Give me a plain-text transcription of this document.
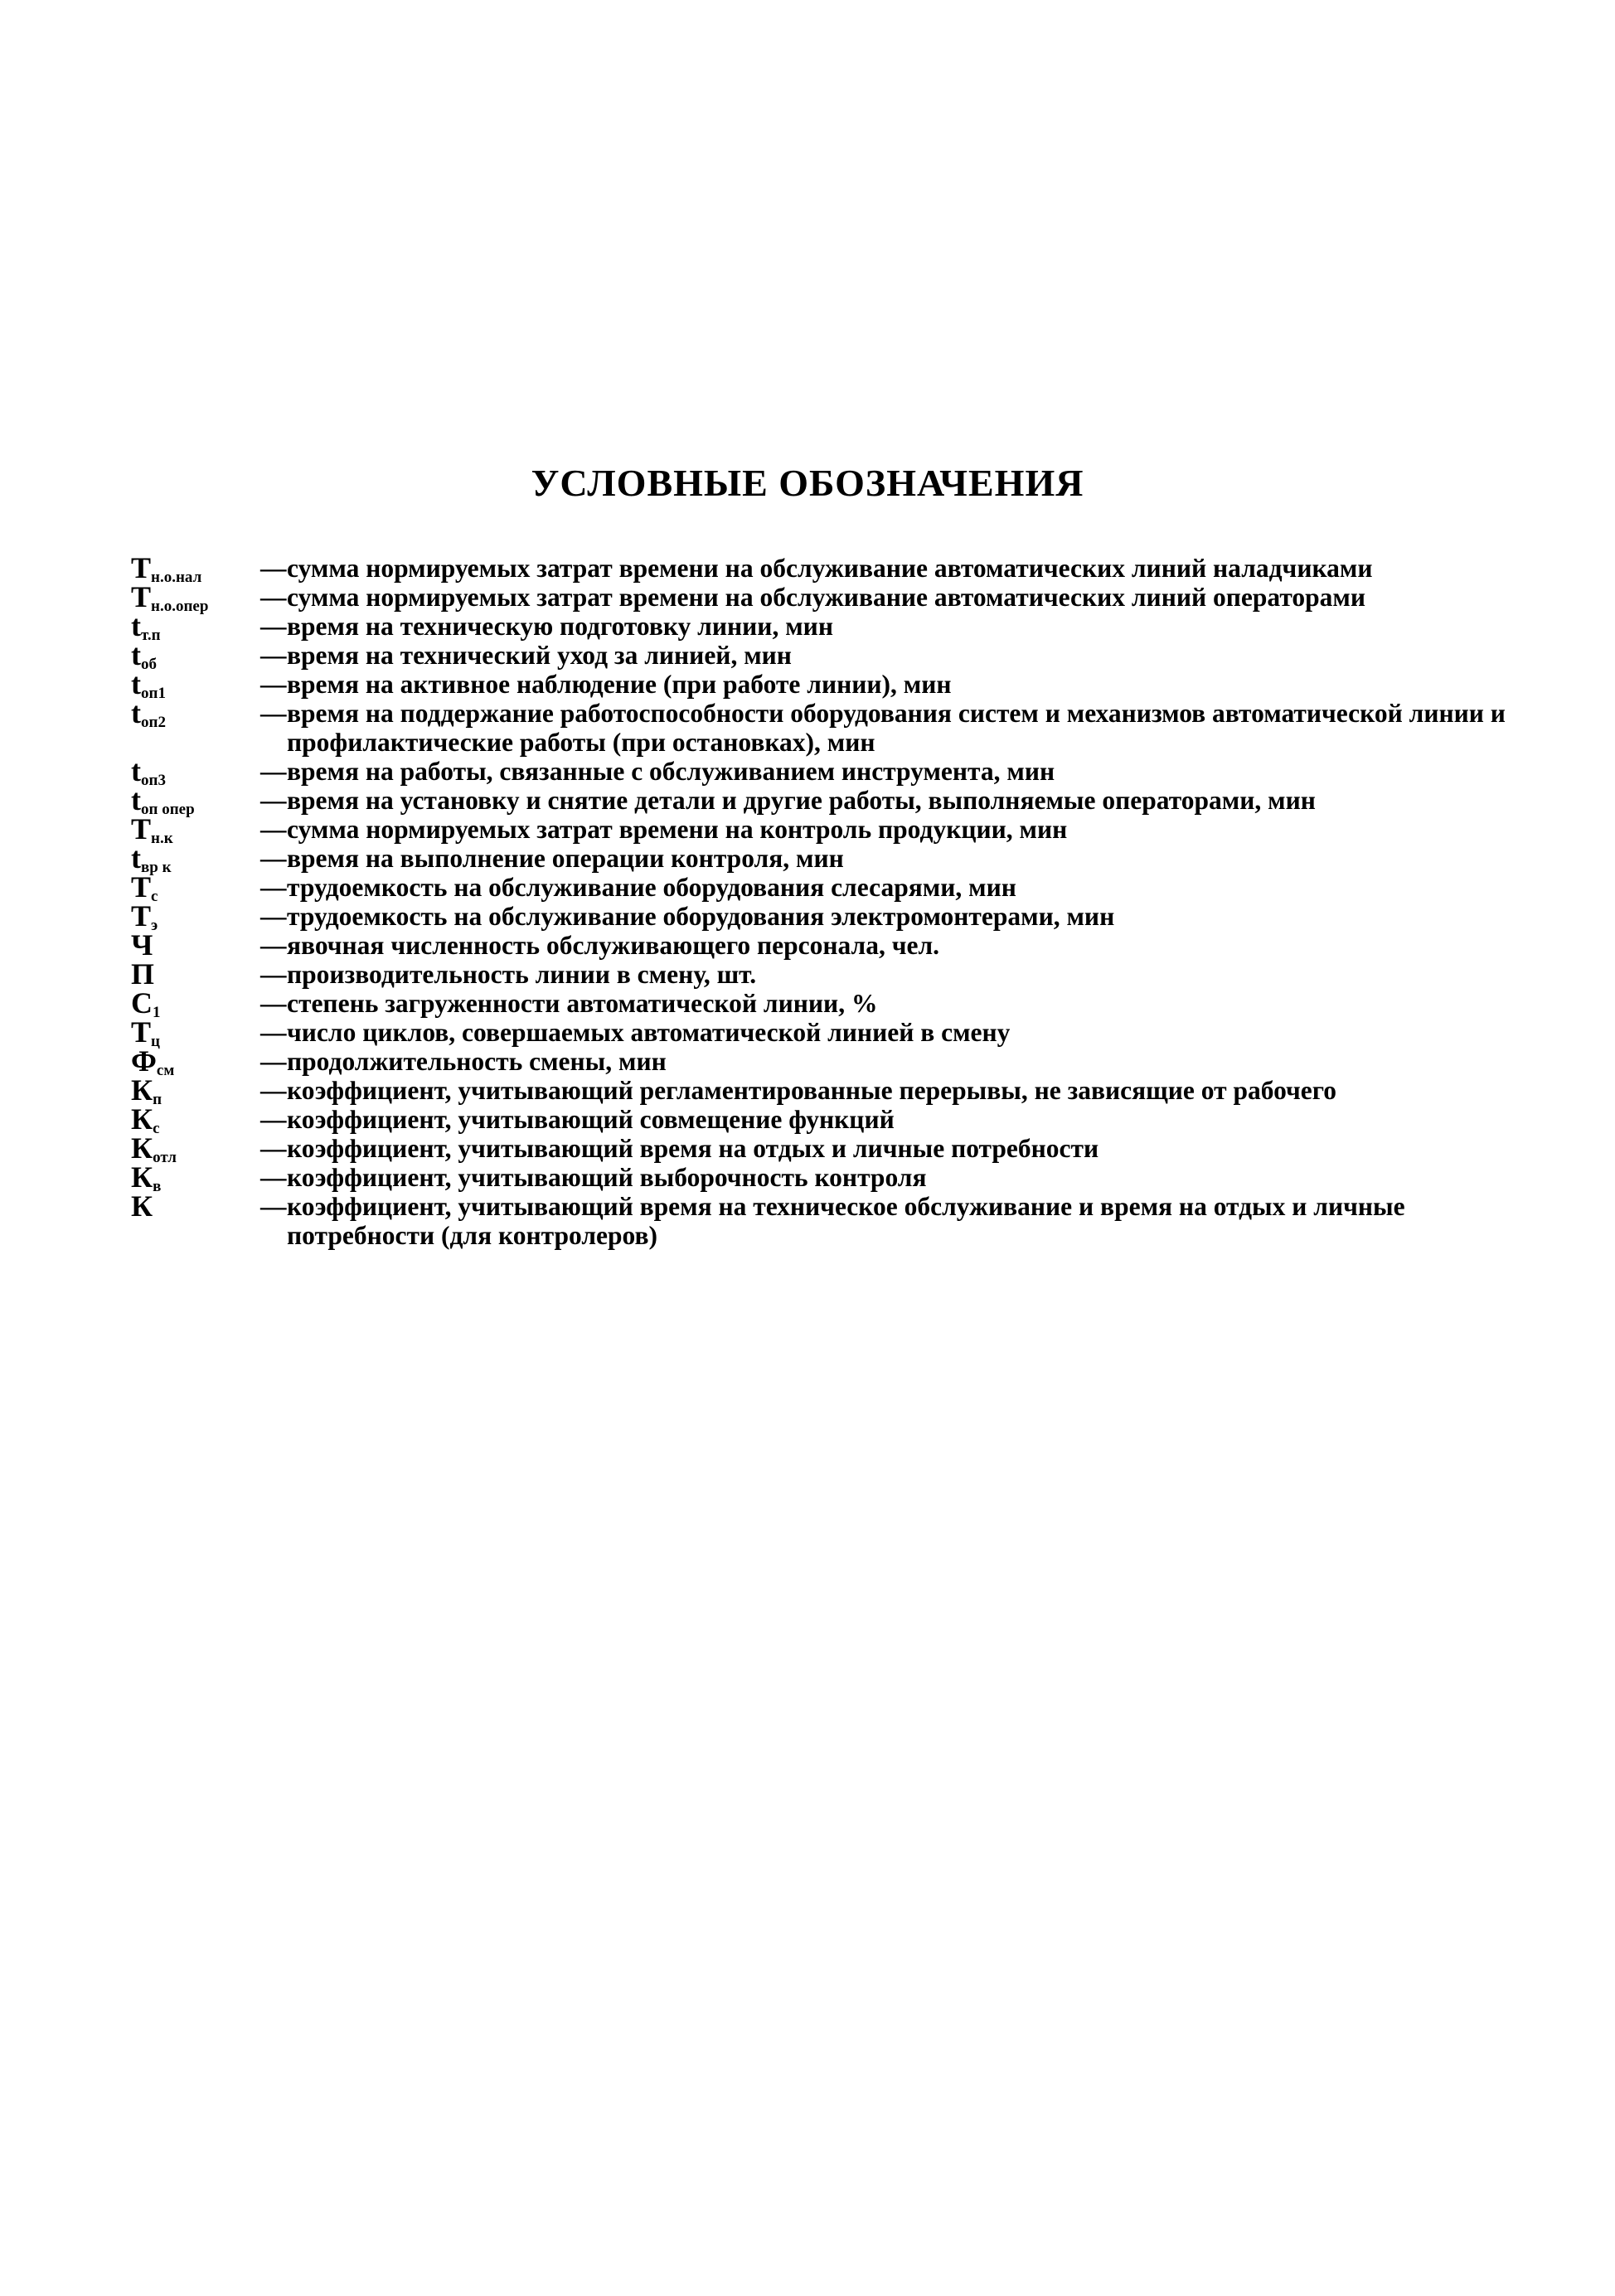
УСЛОВНЫЕ ОБОЗНАЧЕНИЯ
$Т_{н.о.нал}$	— сумма нормируемых затрат времени на обслуживание автоматических линий наладчиками
$Т_{н.о.опер}$	— сумма нормируемых затрат времени на обслуживание автоматических линий операторами
$t_{т.п}$	— время на техническую подготовку линии, мин
$t_{об}$	— время на технический уход за линией, мин
$t_{оп1}$	— время на активное наблюдение (при работе линии), мин
$t_{оп2}$	— время на поддержание работоспособности оборудования систем и механизмов автоматической линии и профилактические работы (при остановках), мин
$t_{оп3}$	— время на работы, связанные с обслуживанием инструмента, мин
$t_{оп опер}$	— время на установку и снятие детали и другие работы, выполняемые операторами, мин
$Т_{н.к}$	— сумма нормируемых затрат времени на контроль продукции, мин
$t_{вр к}$	— время на выполнение операции контроля, мин
$Т_с$	— трудоемкость на обслуживание оборудования слесарями, мин
$Т_э$	— трудоемкость на обслуживание оборудования электромонтерами, мин
Ч	— явочная численность обслуживающего персонала, чел.
П	— производительность линии в смену, шт.
$С_1$	— степень загруженности автоматической линии, %
$Т_ц$	— число циклов, совершаемых автоматической линией в смену
$Ф_{см}$	— продолжительность смены, мин
$К_п$	— коэффициент, учитывающий регламентированные перерывы, не зависящие от рабочего
$К_с$	— коэффициент, учитывающий совмещение функций
$К_{отл}$	— коэффициент, учитывающий время на отдых и личные потребности
$К_в$	— коэффициент, учитывающий выборочность контроля
К	— коэффициент, учитывающий время на техническое обслуживание и время на отдых и личные потребности (для контролеров)
